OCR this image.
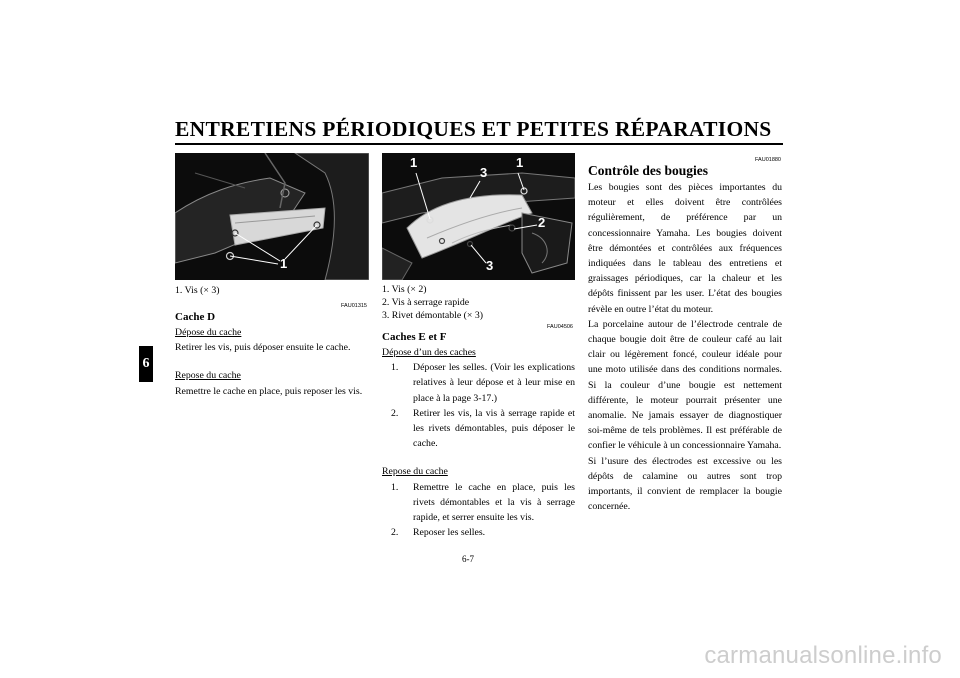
ENTRETIENS PÉRIODIQUES ET PETITES RÉPARATIONS
6
1
1. Vis (× 3)
FAU01315
Cache D
Dépose du cache
Retirer les vis, puis déposer ensuite le cache.
Repose du cache
Remettre le cache en place, puis reposer les vis.
1
3
1
2
3
1. Vis (× 2)
2. Vis à serrage rapide
3. Rivet démontable (× 3)
FAU04506
Caches E et F
Dépose d’un des caches
1.	Déposer les selles. (Voir les explications relatives à leur dépose et à leur mise en place à la page 3-17.)
2.	Retirer les vis, la vis à serrage rapide et les rivets démontables, puis déposer le cache.
Repose du cache
1.	Remettre le cache en place, puis les rivets démontables et la vis à serrage rapide, et serrer ensuite les vis.
2.	Reposer les selles.
FAU01880
Contrôle des bougies
Les bougies sont des pièces importantes du moteur et elles doivent être contrôlées régulièrement, de préférence par un concessionnaire Yamaha. Les bougies doivent être démontées et contrôlées aux fréquences indiquées dans le tableau des entretiens et graissages périodiques, car la chaleur et les dépôts finissent par les user. L’état des bougies révèle en outre l’état du moteur.
La porcelaine autour de l’électrode centrale de chaque bougie doit être de couleur café au lait clair ou légèrement foncé, couleur idéale pour une moto utilisée dans des conditions normales. Si la couleur d’une bougie est nettement différente, le moteur pourrait présenter une anomalie. Ne jamais essayer de diagnostiquer soi-même de tels problèmes. Il est préférable de confier le véhicule à un concessionnaire Yamaha.
Si l’usure des électrodes est excessive ou les dépôts de calamine ou autres sont trop importants, il convient de remplacer la bougie concernée.
6-7
carmanualsonline.info
